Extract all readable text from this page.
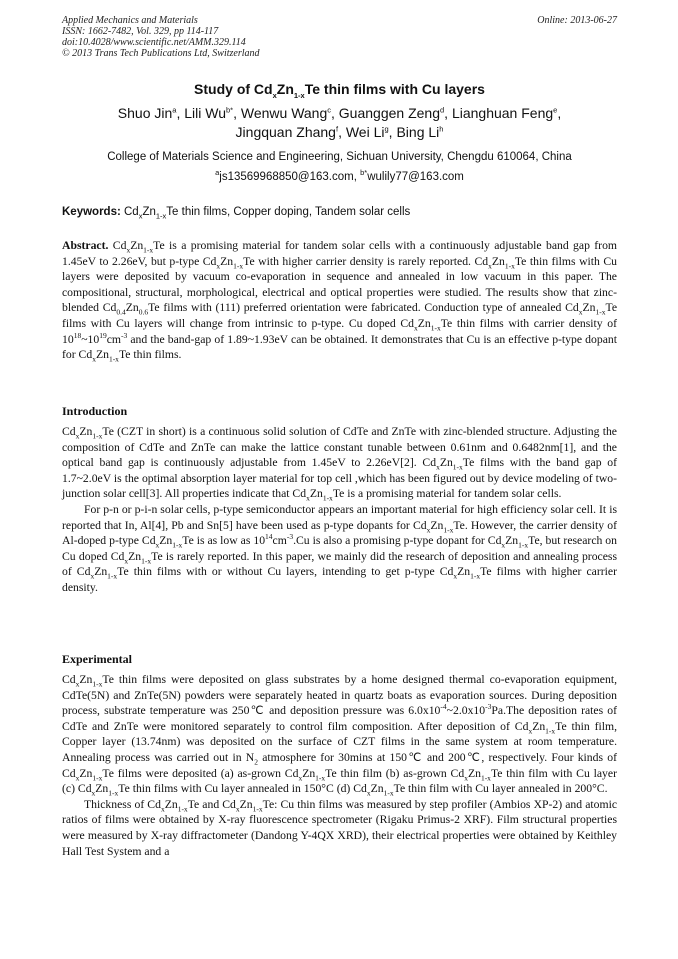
Applied Mechanics and Materials
ISSN: 1662-7482, Vol. 329, pp 114-117
doi:10.4028/www.scientific.net/AMM.329.114
© 2013 Trans Tech Publications Ltd, Switzerland
Online: 2013-06-27
Study of $Cd_xZn_{1-x}Te$ thin films with Cu layers
Shuo Jin$^a$, Lili $Wu^{b*}$, Wenwu Wang$^c$, Guanggen Zeng$^d$, Lianghuan Feng$^e$,
Jingquan Zhang$^f$, Wei Li$^g$, Bing Li$^h$
College of Materials Science and Engineering, Sichuan University, Chengdu 610064, China
$^a$js13569968850@163.com, $^{b*}$wulily77@163.com
Keywords: $Cd_xZn_{1-x}Te$ thin films, Copper doping, Tandem solar cells

Abstract. $Cd_xZn_{1-x}Te$ is a promising material for tandem solar cells with a continuously adjustable band gap from 1.45eV to 2.26eV, but p-type $Cd_xZn_{1-x}Te$ with higher carrier density is rarely reported. $Cd_xZn_{1-x}Te$ thin films with Cu layers were deposited by vacuum co-evaporation in sequence and annealed in low vacuum in this paper. The compositional, structural, morphological, electrical and optical properties were studied. The results show that zinc-blended $Cd_{0.4}Zn_{0.6}Te$ films with (111) preferred orientation were fabricated. Conduction type of annealed $Cd_xZn_{1-x}Te$ films with Cu layers will change from intrinsic to p-type. Cu doped $Cd_xZn_{1-x}Te$ thin films with carrier density of $10^{18}\sim 10^{19}cm^{-3}$ and the band-gap of 1.89~1.93eV can be obtained. It demonstrates that Cu is an effective p-type dopant for $Cd_xZn_{1-x}Te$ thin films.

Introduction

$Cd_xZn_{1-x}Te$ (CZT in short) is a continuous solid solution of CdTe and ZnTe with zinc-blended structure. Adjusting the composition of CdTe and ZnTe can make the lattice constant tunable between 0.61nm and 0.6482nm[1], and the optical band gap is continuously adjustable from 1.45eV to 2.26eV[2]. $Cd_xZn_{1-x}Te$ films with the band gap of 1.7~2.0eV is the optimal absorption layer material for top cell ,which has been figured out by device modeling of two-junction solar cell[3]. All properties indicate that $Cd_xZn_{1-x}Te$ is a promising material for tandem solar cells.

For p-n or p-i-n solar cells, p-type semiconductor appears an important material for high efficiency solar cell. It is reported that In, Al[4], Pb and Sn[5] have been used as p-type dopants for $Cd_xZn_{1-x}Te$. However, the carrier density of Al-doped p-type $Cd_xZn_{1-x}Te$ is as low as $10^{14}cm^{-3}.Cu$ is also a promising p-type dopant for $Cd_xZn_{1-x}Te$, but research on Cu doped $Cd_xZn_{1-x}Te$ is rarely reported. In this paper, we mainly did the research of deposition and annealing process of $Cd_xZn_{1-x}Te$ thin films with or without Cu layers, intending to get p-type $Cd_xZn_{1-x}Te$ films with higher carrier density.

Experimental

$Cd_xZn_{1-x}Te$ thin films were deposited on glass substrates by a home designed thermal co-evaporation equipment, CdTe(5N) and ZnTe(5N) powders were separately heated in quartz boats as evaporation sources. During deposition process, substrate temperature was 250℃ and deposition pressure was $6.0x10^{-4}\sim 2.0x10^{-3}Pa.The$ deposition rates of CdTe and ZnTe were monitored separately to control film composition. After deposition of $Cd_xZn_{1-x}Te$ thin film, Copper layer (13.74nm) was deposited on the surface of CZT films in the same system at room temperature. Annealing process was carried out in $N_2$ atmosphere for 30mins at 150℃ and 200℃, respectively. Four kinds of $Cd_xZn_{1-x}Te$ films were deposited (a) as-grown $Cd_xZn_{1-x}Te$ thin film (b) as-grown $Cd_xZn_{1-x}Te$ thin film with Cu layer (c) $Cd_xZn_{1-x}Te$ thin films with Cu layer annealed in 150°C (d) $Cd_xZn_{1-x}Te$ thin film with Cu layer annealed in 200°C.

Thickness of $Cd_xZn_{1-x}Te$ and $Cd_xZn_{1-x}Te$: Cu thin films was measured by step profiler (Ambios XP-2) and atomic ratios of films were obtained by X-ray fluorescence spectrometer (Rigaku Primus-2 XRF). Film structural properties were measured by X-ray diffractometer (Dandong Y-4QX XRD), their electrical properties were obtained by Keithley Hall Test System and a
